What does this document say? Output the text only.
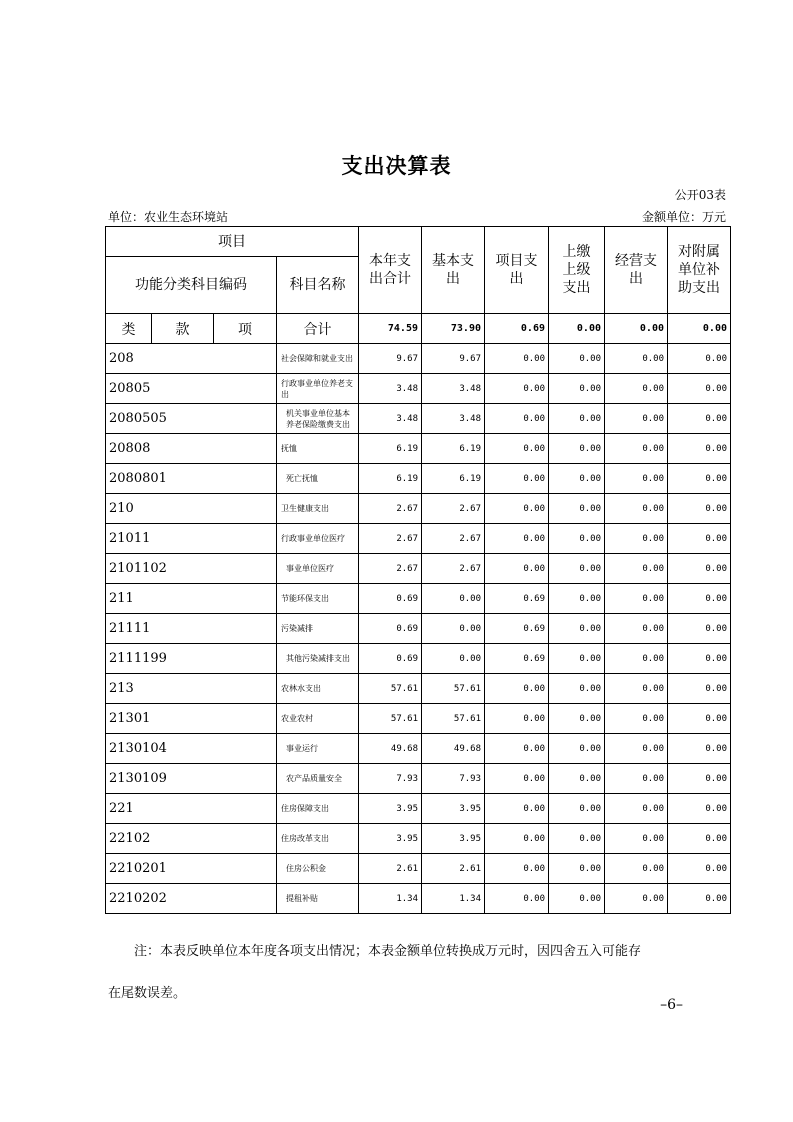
支出决算表
公开03表
单位：农业生态环境站	金额单位：万元
项目				本年支出合计	基本支出	项目支出	上缴上级支出	经营支出	对附属单位补助支出

功能分类科目编码			科目名称						
类	款	项	合计	74.59	73.90	0.69	0.00	0.00	0.00
208			社会保障和就业支出	9.67	9.67	0.00	0.00	0.00	0.00
20805			行政事业单位养老支出	3.48	3.48	0.00	0.00	0.00	0.00
2080505			机关事业单位基本养老保险缴费支出	3.48	3.48	0.00	0.00	0.00	0.00
20808			抚恤	6.19	6.19	0.00	0.00	0.00	0.00
2080801			死亡抚恤	6.19	6.19	0.00	0.00	0.00	0.00
210			卫生健康支出	2.67	2.67	0.00	0.00	0.00	0.00
21011			行政事业单位医疗	2.67	2.67	0.00	0.00	0.00	0.00
2101102			事业单位医疗	2.67	2.67	0.00	0.00	0.00	0.00
211			节能环保支出	0.69	0.00	0.69	0.00	0.00	0.00
21111			污染减排	0.69	0.00	0.69	0.00	0.00	0.00
2111199			其他污染减排支出	0.69	0.00	0.69	0.00	0.00	0.00
213			农林水支出	57.61	57.61	0.00	0.00	0.00	0.00
21301			农业农村	57.61	57.61	0.00	0.00	0.00	0.00
2130104			事业运行	49.68	49.68	0.00	0.00	0.00	0.00
2130109			农产品质量安全	7.93	7.93	0.00	0.00	0.00	0.00
221			住房保障支出	3.95	3.95	0.00	0.00	0.00	0.00
22102			住房改革支出	3.95	3.95	0.00	0.00	0.00	0.00
2210201			住房公积金	2.61	2.61	0.00	0.00	0.00	0.00
2210202			提租补贴	1.34	1.34	0.00	0.00	0.00	0.00
注：本表反映单位本年度各项支出情况；本表金额单位转换成万元时，因四舍五入可能存
在尾数误差。
–6–
